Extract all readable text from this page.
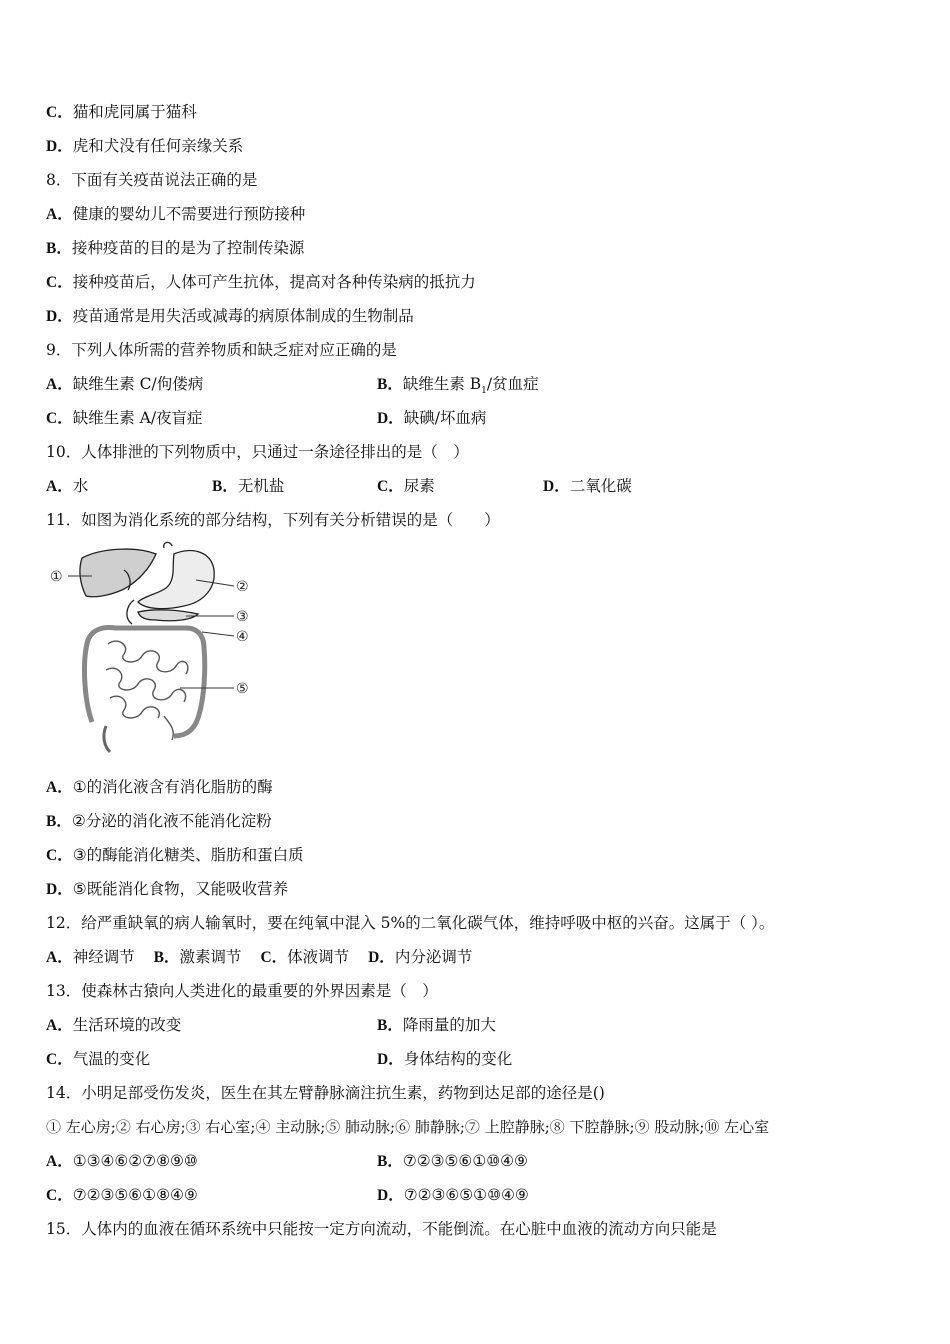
C．猫和虎同属于猫科
D．虎和犬没有任何亲缘关系
8．下面有关疫苗说法正确的是
A．健康的婴幼儿不需要进行预防接种
B．接种疫苗的目的是为了控制传染源
C．接种疫苗后，人体可产生抗体，提高对各种传染病的抵抗力
D．疫苗通常是用失活或减毒的病原体制成的生物制品
9．下列人体所需的营养物质和缺乏症对应正确的是
A．缺维生素 C/佝偻病	B．缺维生素 $B_1/$贫血症
C．缺维生素 A/夜盲症	D．缺碘/坏血病
10．人体排泄的下列物质中，只通过一条途径排出的是（　）
A．水	B．无机盐	C．尿素	D．二氧化碳
11．如图为消化系统的部分结构，下列有关分析错误的是（　　）
①
②
③
④
⑤
A．①的消化液含有消化脂肪的酶
B．②分泌的消化液不能消化淀粉
C．③的酶能消化糖类、脂肪和蛋白质
D．⑤既能消化食物，又能吸收营养
12．给严重缺氧的病人输氧时，要在纯氧中混入 5%的二氧化碳气体，维持呼吸中枢的兴奋。这属于（ ）。
A．神经调节 B．激素调节 C．体液调节 D．内分泌调节
13．使森林古猿向人类进化的最重要的外界因素是（　）
A．生活环境的改变	B．降雨量的加大
C．气温的变化	D．身体结构的变化
14．小明足部受伤发炎，医生在其左臂静脉滴注抗生素，药物到达足部的途径是()
① 左心房;② 右心房;③ 右心室;④ 主动脉;⑤ 肺动脉;⑥ 肺静脉;⑦ 上腔静脉;⑧ 下腔静脉;⑨ 股动脉;⑩ 左心室
A．①③④⑥②⑦⑧⑨⑩	B．⑦②③⑤⑥①⑩④⑨
C．⑦②③⑤⑥①⑧④⑨	D．⑦②③⑥⑤①⑩④⑨
15．人体内的血液在循环系统中只能按一定方向流动，不能倒流。在心脏中血液的流动方向只能是
